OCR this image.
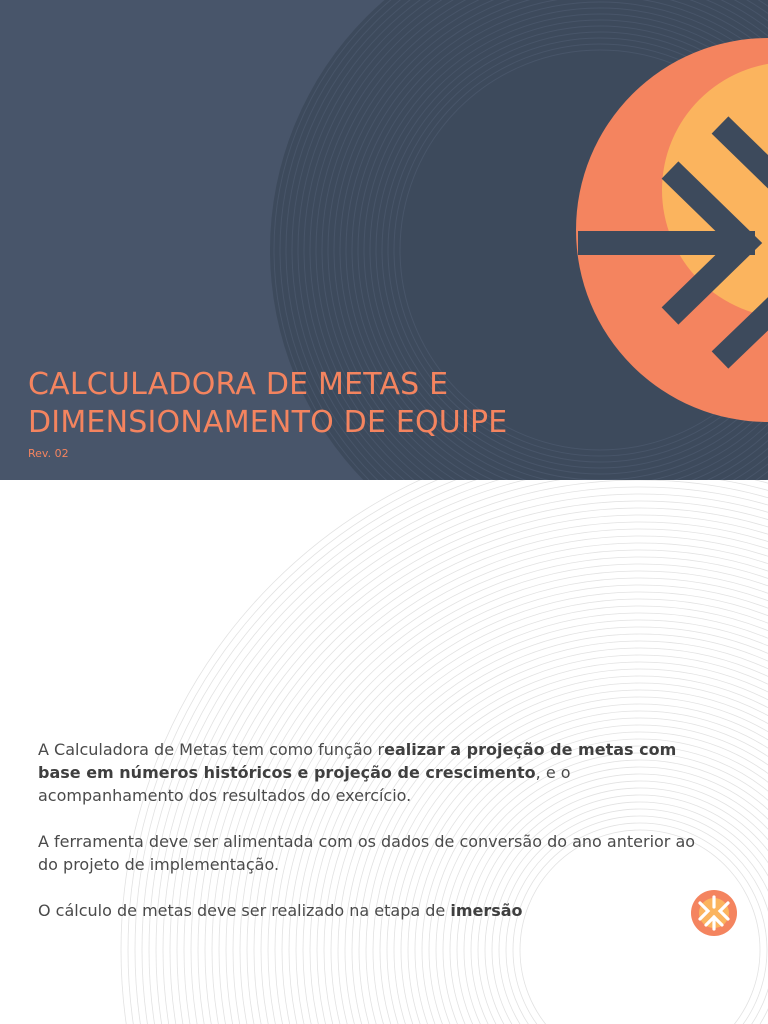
CALCULADORA DE METAS E
DIMENSIONAMENTO DE EQUIPE
Rev. 02

A Calculadora de Metas tem como função realizar a projeção de metas com base em números históricos e projeção de crescimento, e o acompanhamento dos resultados do exercício.

A ferramenta deve ser alimentada com os dados de conversão do ano anterior ao do projeto de implementação.

O cálculo de metas deve ser realizado na etapa de imersão
